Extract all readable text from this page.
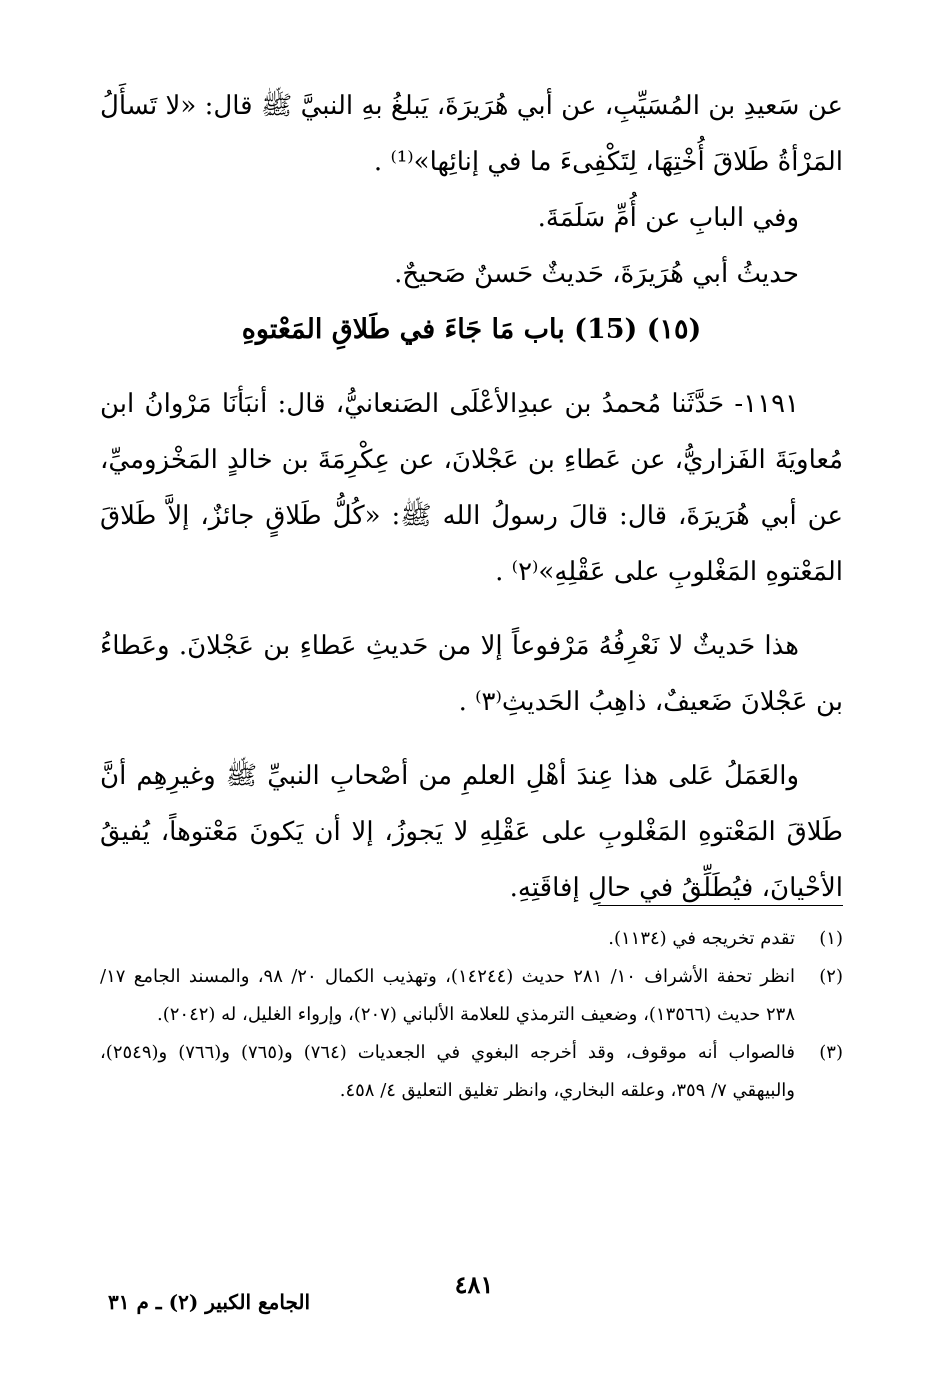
عن سَعيدِ بن المُسَيِّبِ، عن أبي هُرَيرَةَ، يَبلغُ بهِ النبيَّ ﷺ قال: «لا تَسأَلُ المَرْأةُ طَلاقَ أُخْتِهَا، لِتَكْفِىءَ ما في إنائِها»⁽¹⁾ .

وفي البابِ عن أُمِّ سَلَمَةَ.

حديثُ أبي هُرَيرَةَ، حَديثٌ حَسنٌ صَحيحٌ.

(١٥) (15) باب مَا جَاءَ في طَلاقِ المَعْتوهِ

١١٩١- حَدَّثَنا مُحمدُ بن عبدِالأعْلَى الصَنعانيُّ، قال: أنبَأنَا مَرْوانُ ابن مُعاويَةَ الفَزاريُّ، عن عَطاءِ بن عَجْلانَ، عن عِكْرِمَةَ بن خالدٍ المَخْزوميِّ، عن أبي هُرَيرَةَ، قال: قالَ رسولُ الله ﷺ: «كُلُّ طَلاقٍ جائزٌ، إلاَّ طَلاقَ المَعْتوهِ المَغْلوبِ على عَقْلِهِ»⁽٢⁾ .

هذا حَديثٌ لا نَعْرِفُهُ مَرْفوعاً إلا من حَديثِ عَطاءِ بن عَجْلانَ. وعَطاءُ بن عَجْلانَ ضَعيفٌ، ذاهِبُ الحَديثِ⁽٣⁾ .

والعَمَلُ عَلى هذا عِندَ أهْلِ العلمِ من أصْحابِ النبيِّ ﷺ وغيرِهِم أنَّ طَلاقَ المَعْتوهِ المَغْلوبِ على عَقْلِهِ لا يَجوزُ، إلا أن يَكونَ مَعْتوهاً، يُفيقُ الأحْيانَ، فيُطَلِّقُ في حالِ إفاقَتِهِ.

(١)
تقدم تخريجه في (١١٣٤).
(٢)
انظر تحفة الأشراف ١٠/ ٢٨١ حديث (١٤٢٤٤)، وتهذيب الكمال ٢٠/ ٩٨، والمسند الجامع ١٧/ ٢٣٨ حديث (١٣٥٦٦)، وضعيف الترمذي للعلامة الألباني (٢٠٧)، وإرواء الغليل، له (٢٠٤٢).
(٣)
فالصواب أنه موقوف، وقد أخرجه البغوي في الجعديات (٧٦٤) و(٧٦٥) و(٧٦٦) و(٢٥٤٩)، والبيهقي ٧/ ٣٥٩، وعلقه البخاري، وانظر تغليق التعليق ٤/ ٤٥٨.
٤٨١
الجامع الكبير (٢) ـ م ٣١
